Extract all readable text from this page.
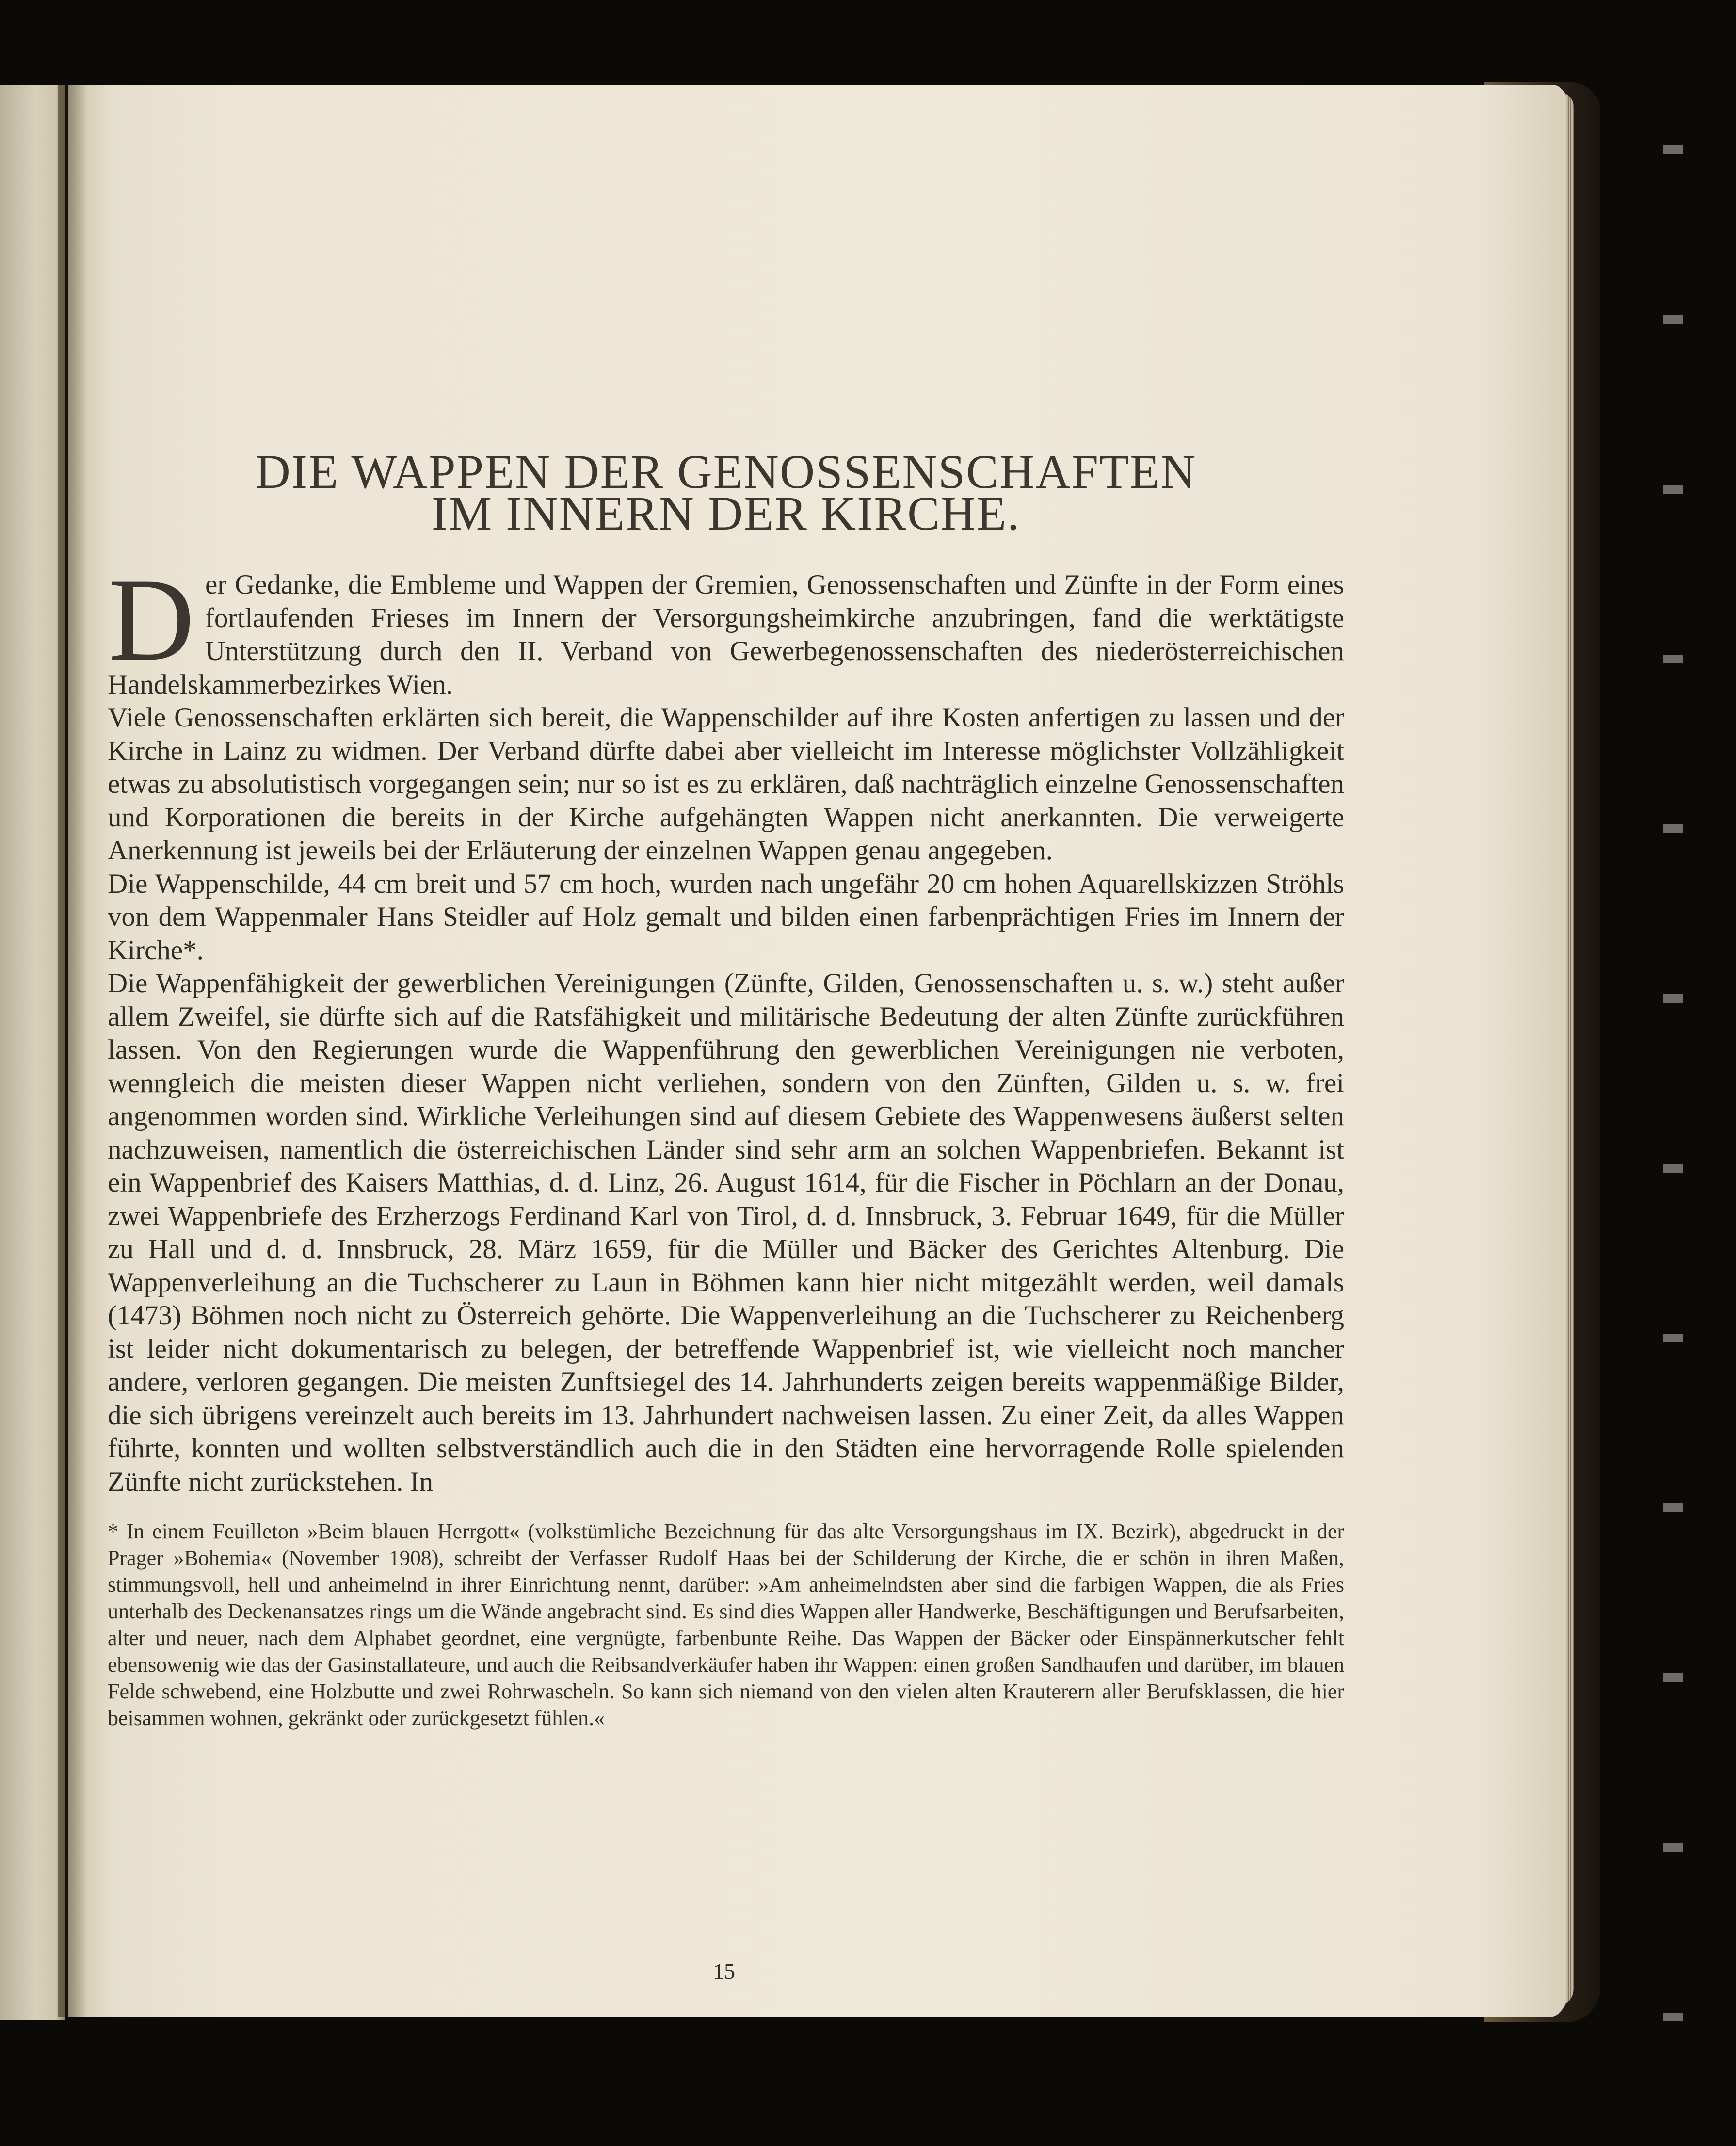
DIE WAPPEN DER GENOSSENSCHAFTEN
IM INNERN DER KIRCHE.

Der Gedanke, die Embleme und Wappen der Gremien, Genossenschaften und Zünfte in der Form eines fortlaufenden Frieses im Innern der Versorgungsheimkirche anzubringen, fand die werktätigste Unterstützung durch den II. Verband von Gewerbegenossenschaften des niederösterreichischen Handelskammerbezirkes Wien.

Viele Genossenschaften erklärten sich bereit, die Wappenschilder auf ihre Kosten anfertigen zu lassen und der Kirche in Lainz zu widmen. Der Verband dürfte dabei aber vielleicht im Interesse möglichster Vollzähligkeit etwas zu absolutistisch vorgegangen sein; nur so ist es zu erklären, daß nachträglich einzelne Genossenschaften und Korporationen die bereits in der Kirche aufgehängten Wappen nicht anerkannten. Die verweigerte Anerkennung ist jeweils bei der Erläuterung der einzelnen Wappen genau angegeben.

Die Wappenschilde, 44 cm breit und 57 cm hoch, wurden nach ungefähr 20 cm hohen Aquarellskizzen Ströhls von dem Wappenmaler Hans Steidler auf Holz gemalt und bilden einen farbenprächtigen Fries im Innern der Kirche*.

Die Wappenfähigkeit der gewerblichen Vereinigungen (Zünfte, Gilden, Genossenschaften u. s. w.) steht außer allem Zweifel, sie dürfte sich auf die Ratsfähigkeit und militärische Bedeutung der alten Zünfte zurückführen lassen. Von den Regierungen wurde die Wappenführung den gewerblichen Vereinigungen nie verboten, wenngleich die meisten dieser Wappen nicht verliehen, sondern von den Zünften, Gilden u. s. w. frei angenommen worden sind. Wirkliche Verleihungen sind auf diesem Gebiete des Wappenwesens äußerst selten nachzuweisen, namentlich die österreichischen Länder sind sehr arm an solchen Wappenbriefen. Bekannt ist ein Wappenbrief des Kaisers Matthias, d. d. Linz, 26. August 1614, für die Fischer in Pöchlarn an der Donau, zwei Wappenbriefe des Erzherzogs Ferdinand Karl von Tirol, d. d. Innsbruck, 3. Februar 1649, für die Müller zu Hall und d. d. Innsbruck, 28. März 1659, für die Müller und Bäcker des Gerichtes Altenburg. Die Wappenverleihung an die Tuchscherer zu Laun in Böhmen kann hier nicht mitgezählt werden, weil damals (1473) Böhmen noch nicht zu Österreich gehörte. Die Wappenverleihung an die Tuchscherer zu Reichenberg ist leider nicht dokumentarisch zu belegen, der betreffende Wappenbrief ist, wie vielleicht noch mancher andere, verloren gegangen. Die meisten Zunftsiegel des 14. Jahrhunderts zeigen bereits wappenmäßige Bilder, die sich übrigens vereinzelt auch bereits im 13. Jahrhundert nachweisen lassen. Zu einer Zeit, da alles Wappen führte, konnten und wollten selbstverständlich auch die in den Städten eine hervorragende Rolle spielenden Zünfte nicht zurückstehen. In

* In einem Feuilleton »Beim blauen Herrgott« (volkstümliche Bezeichnung für das alte Versorgungshaus im IX. Bezirk), abgedruckt in der Prager »Bohemia« (November 1908), schreibt der Verfasser Rudolf Haas bei der Schilderung der Kirche, die er schön in ihren Maßen, stimmungsvoll, hell und anheimelnd in ihrer Einrichtung nennt, darüber: »Am anheimelndsten aber sind die farbigen Wappen, die als Fries unterhalb des Deckenansatzes rings um die Wände angebracht sind. Es sind dies Wappen aller Handwerke, Beschäftigungen und Berufsarbeiten, alter und neuer, nach dem Alphabet geordnet, eine vergnügte, farbenbunte Reihe. Das Wappen der Bäcker oder Einspännerkutscher fehlt ebensowenig wie das der Gasinstallateure, und auch die Reibsandverkäufer haben ihr Wappen: einen großen Sandhaufen und darüber, im blauen Felde schwebend, eine Holzbutte und zwei Rohrwascheln. So kann sich niemand von den vielen alten Krauterern aller Berufsklassen, die hier beisammen wohnen, gekränkt oder zurückgesetzt fühlen.«

15
